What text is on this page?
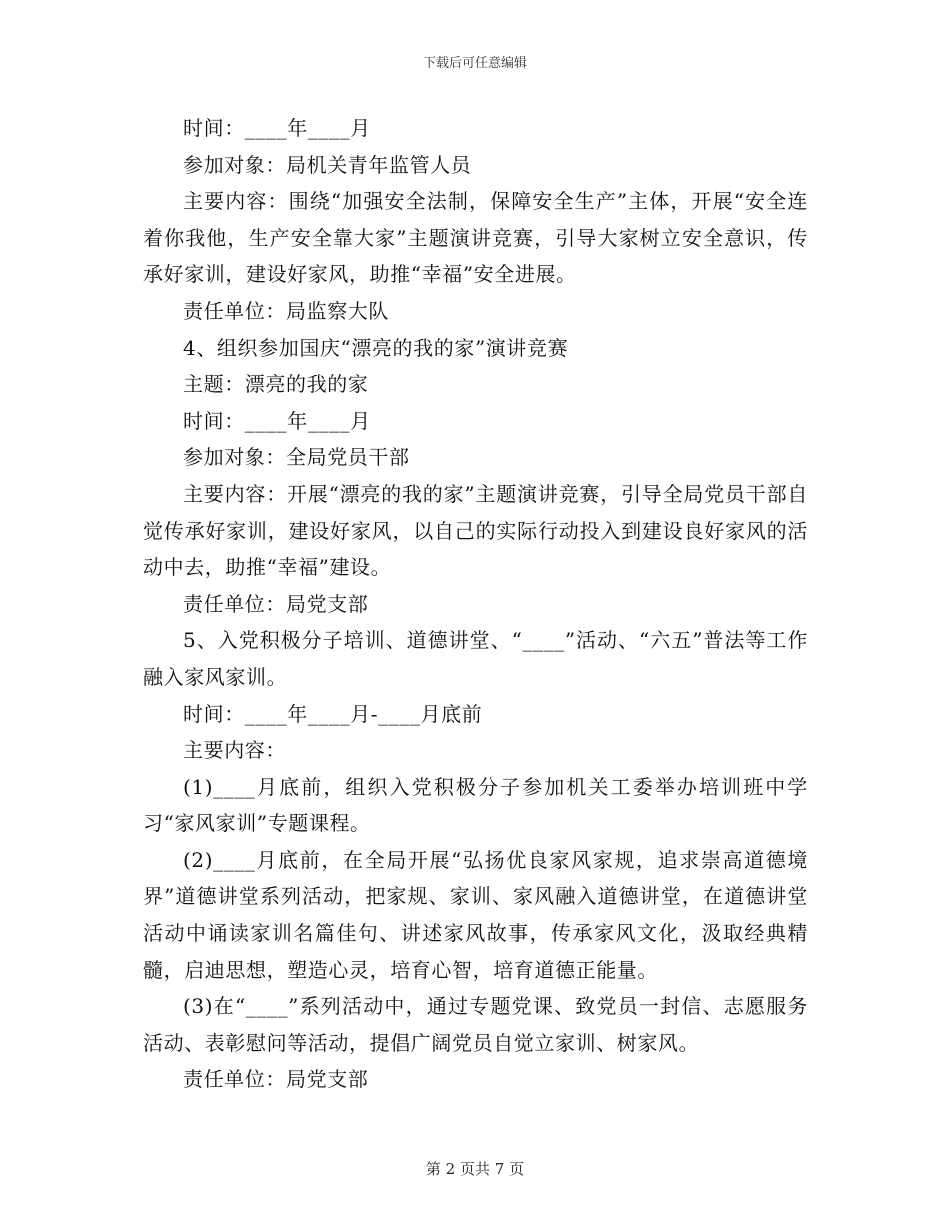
下载后可任意编辑

时间：____年____月

参加对象：局机关青年监管人员

主要内容：围绕“加强安全法制，保障安全生产”主体，开展“安全连着你我他，生产安全靠大家”主题演讲竞赛，引导大家树立安全意识，传承好家训，建设好家风，助推“幸福”安全进展。

责任单位：局监察大队

4、组织参加国庆“漂亮的我的家”演讲竞赛

主题：漂亮的我的家

时间：____年____月

参加对象：全局党员干部

主要内容：开展“漂亮的我的家”主题演讲竞赛，引导全局党员干部自觉传承好家训，建设好家风，以自己的实际行动投入到建设良好家风的活动中去，助推“幸福”建设。

责任单位：局党支部

5、入党积极分子培训、道德讲堂、“____”活动、“六五”普法等工作融入家风家训。

时间：____年____月-____月底前

主要内容：

(1)____月底前，组织入党积极分子参加机关工委举办培训班中学习“家风家训”专题课程。

(2)____月底前，在全局开展“弘扬优良家风家规，追求崇高道德境界”道德讲堂系列活动，把家规、家训、家风融入道德讲堂，在道德讲堂活动中诵读家训名篇佳句、讲述家风故事，传承家风文化，汲取经典精髓，启迪思想，塑造心灵，培育心智，培育道德正能量。

(3)在“____”系列活动中，通过专题党课、致党员一封信、志愿服务活动、表彰慰问等活动，提倡广阔党员自觉立家训、树家风。

责任单位：局党支部

第 2 页共 7 页
